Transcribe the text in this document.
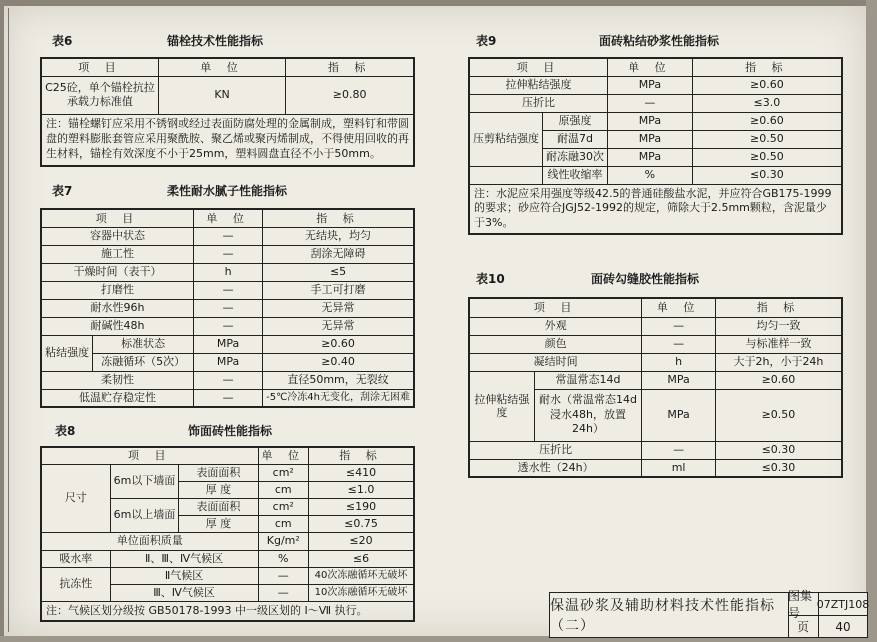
表6	锚栓技术性能指标
项 目	单 位	指 标
C25砼，单个锚栓抗拉承载力标准值	KN	≥0.80
注：锚栓螺钉应采用不锈钢或经过表面防腐处理的金属制成，塑料钉和带圆盘的塑料膨胀套管应采用聚酰胺、聚乙烯或聚丙烯制成，不得使用回收的再生材料，锚栓有效深度不小于25mm，塑料圆盘直径不小于50mm。		
表7	柔性耐水腻子性能指标
项 目		单 位	指 标
容器中状态		—	无结块，均匀
施工性		—	刮涂无障碍
干燥时间（表干）		h	≤5
打磨性		—	手工可打磨
耐水性96h		—	无异常
耐碱性48h		—	无异常
粘结强度	标准状态	MPa	≥0.60
	冻融循环（5次）	MPa	≥0.40
柔韧性		—	直径50mm，无裂纹
低温贮存稳定性		—	-5℃冷冻4h无变化，刮涂无困难
表8	饰面砖性能指标
项 目			单 位	指 标
尺寸	6m以下墙面	表面面积	cm²	≤410
		厚 度	cm	≤1.0
	6m以上墙面	表面面积	cm²	≤190
		厚 度	cm	≤0.75
单位面积质量			Kg/m²	≤20
吸水率	Ⅱ、Ⅲ、Ⅳ气候区		%	≤6
抗冻性	Ⅱ气候区		—	40次冻融循环无破坏
	Ⅲ、Ⅳ气候区		—	10次冻融循环无破坏
注：气候区划分级按 GB50178-1993 中一级区划的 Ⅰ～Ⅶ 执行。				
表9	面砖粘结砂浆性能指标
项 目		单 位	指 标
拉伸粘结强度		MPa	≥0.60
压折比		—	≤3.0
压剪粘结强度	原强度	MPa	≥0.60
	耐温7d	MPa	≥0.50
	耐冻融30次	MPa	≥0.50
	线性收缩率	%	≤0.30
注：水泥应采用强度等级42.5的普通硅酸盐水泥，并应符合GB175-1999的要求；砂应符合JGJ52-1992的规定，筛除大于2.5mm颗粒，含泥量少于3%。			
表10	面砖勾缝胶性能指标
项 目		单 位	指 标
外观		—	均匀一致
颜色		—	与标准样一致
凝结时间		h	大于2h，小于24h
拉伸粘结强度	常温常态14d	MPa	≥0.60
	耐水（常温常态14d浸水48h，放置24h）	MPa	≥0.50
压折比		—	≤0.30
透水性（24h）		ml	≤0.30
保温砂浆及辅助材料技术性能指标（二）
图集号
07ZTJ108
页	40
